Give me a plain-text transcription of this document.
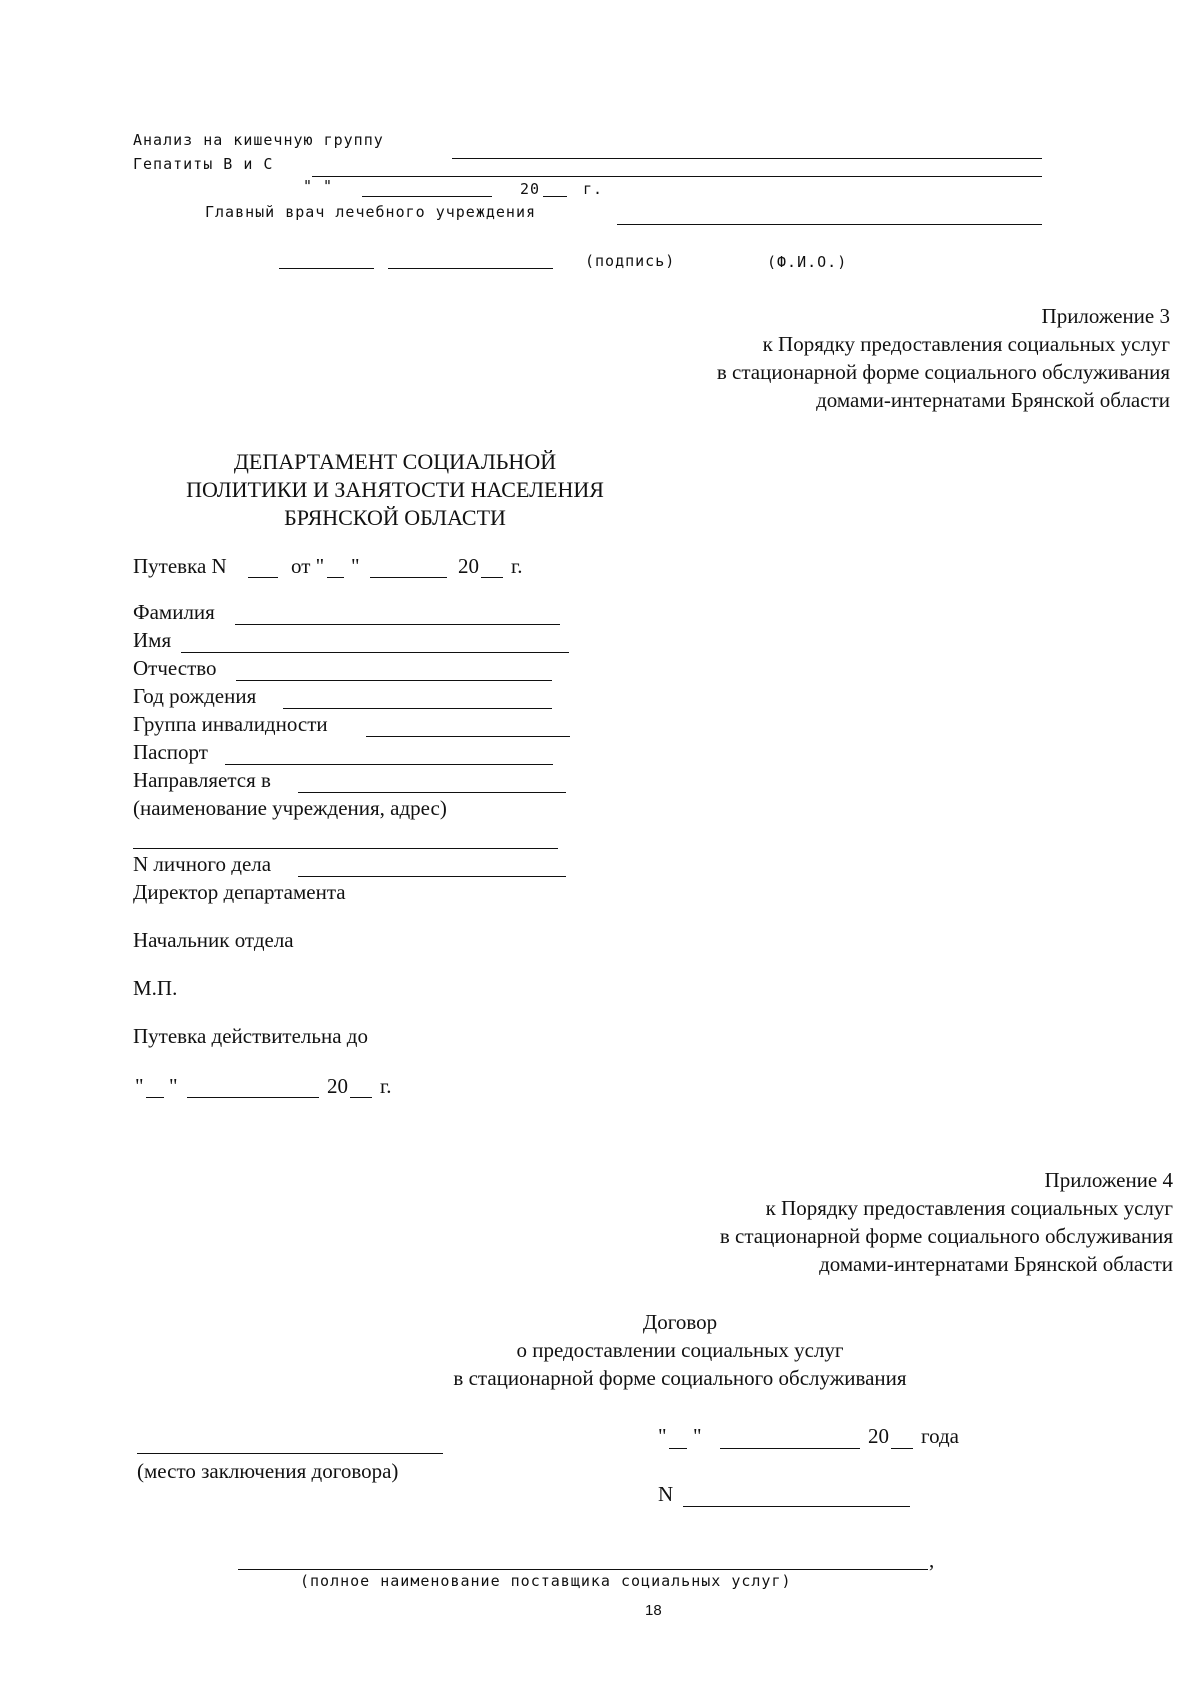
Анализ на кишечную группу
Гепатиты В и С
" "	20	г.
Главный врач лечебного учреждения
(подпись)	(Ф.И.О.)
Приложение 3
к Порядку предоставления социальных услуг
в стационарной форме социального обслуживания
домами-интернатами Брянской области
ДЕПАРТАМЕНТ СОЦИАЛЬНОЙ
ПОЛИТИКИ И ЗАНЯТОСТИ НАСЕЛЕНИЯ
БРЯНСКОЙ ОБЛАСТИ
Путевка N	от " "	20 г.
Фамилия
Имя
Отчество
Год рождения
Группа инвалидности
Паспорт
Направляется в
(наименование учреждения, адрес)
N личного дела
Директор департамента
Начальник отдела
М.П.
Путевка действительна до
" "	20 г.
Приложение 4
к Порядку предоставления социальных услуг
в стационарной форме социального обслуживания
домами-интернатами Брянской области
Договор
о предоставлении социальных услуг
в стационарной форме социального обслуживания
(место заключения договора)
" "	20 года
N
,
(полное наименование поставщика социальных услуг)
18
